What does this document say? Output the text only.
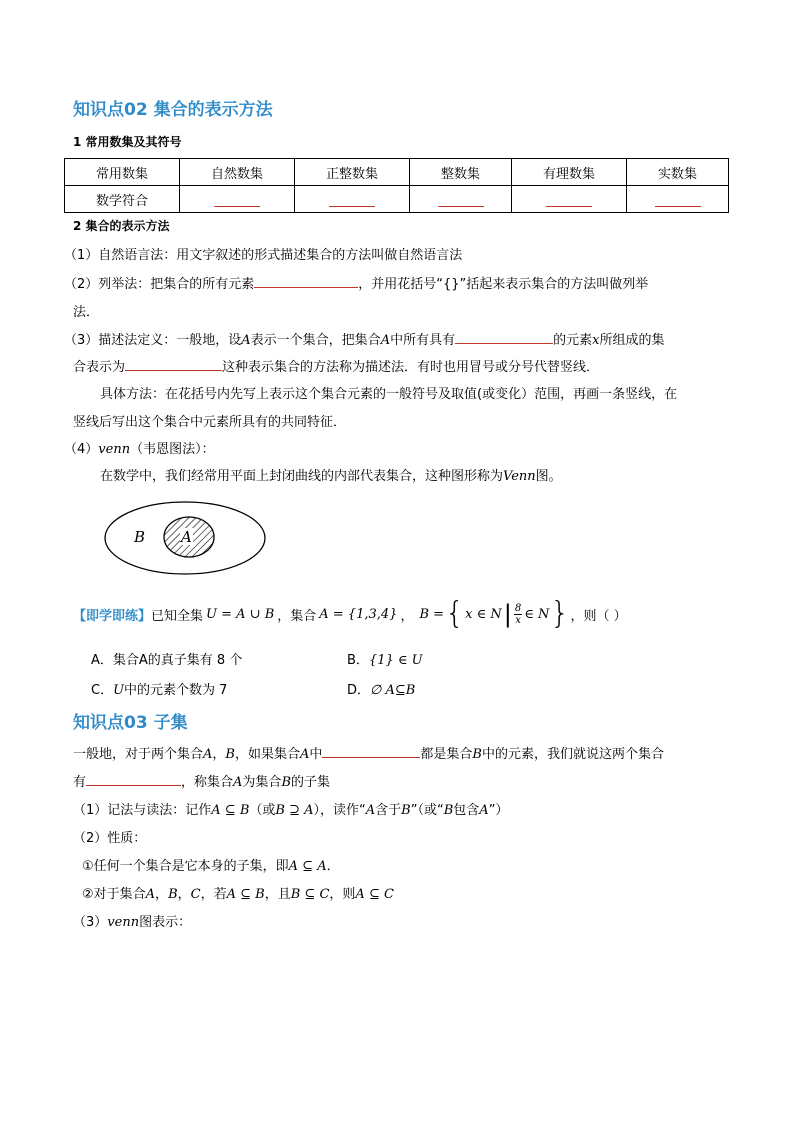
知识点02 集合的表示方法
1 常用数集及其符号
常用数集	自然数集	正整数集	整数集	有理数集	实数集
数学符合					
2 集合的表示方法
（1）自然语言法：用文字叙述的形式描述集合的方法叫做自然语言法
（2）列举法：把集合的所有元素	，并用花括号“{}”括起来表示集合的方法叫做列举
法．
（3）描述法定义：一般地，设A表示一个集合，把集合A中所有具有	的元素x所组成的集
合表示为	这种表示集合的方法称为描述法．有时也用冒号或分号代替竖线．
具体方法：在花括号内先写上表示这个集合元素的一般符号及取值(或变化）范围，再画一条竖线，在
竖线后写出这个集合中元素所具有的共同特征．
（4）venn（韦恩图法）：
在数学中，我们经常用平面上封闭曲线的内部代表集合，这种图形称为Venn图。
B A
【即学即练】 已知全集 U = A ∪ B ，集合 A = {1,3,4} ， B = { x ∈ N | $\frac{8}{x}$ ∈ N } ，则（ ）
A．集合A的真子集有 8 个	B．{1} ∈ U
C．U中的元素个数为 7	D．∅ A⊆B
知识点03 子集
一般地，对于两个集合A，B，如果集合A中	都是集合B中的元素，我们就说这两个集合
有	，称集合A为集合B的子集
（1）记法与读法：记作A ⊆ B（或B ⊇ A），读作“A含于B”（或“B包含A”）
（2）性质：
①任何一个集合是它本身的子集，即A ⊆ A．
②对于集合A，B，C，若A ⊆ B，且B ⊆ C，则A ⊆ C
（3）venn图表示：
